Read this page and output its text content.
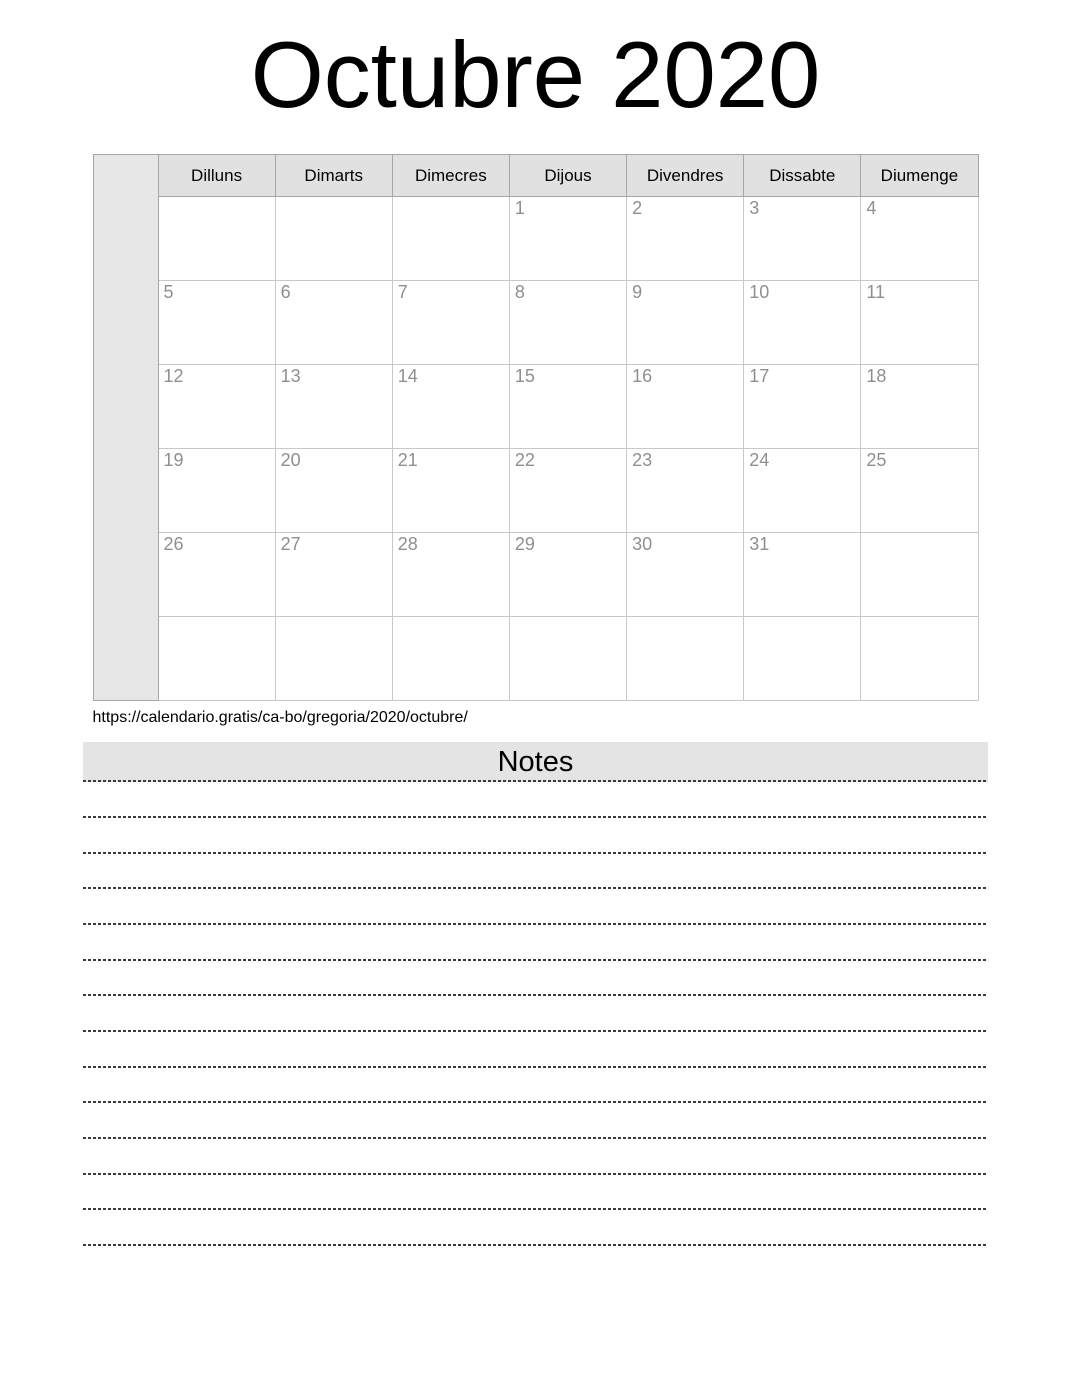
Octubre 2020
	Dilluns	Dimarts	Dimecres	Dijous	Divendres	Dissabte	Diumenge
				1	2	3	4
	5	6	7	8	9	10	11
	12	13	14	15	16	17	18
	19	20	21	22	23	24	25
	26	27	28	29	30	31	

https://calendario.gratis/ca-bo/gregoria/2020/octubre/
Notes
